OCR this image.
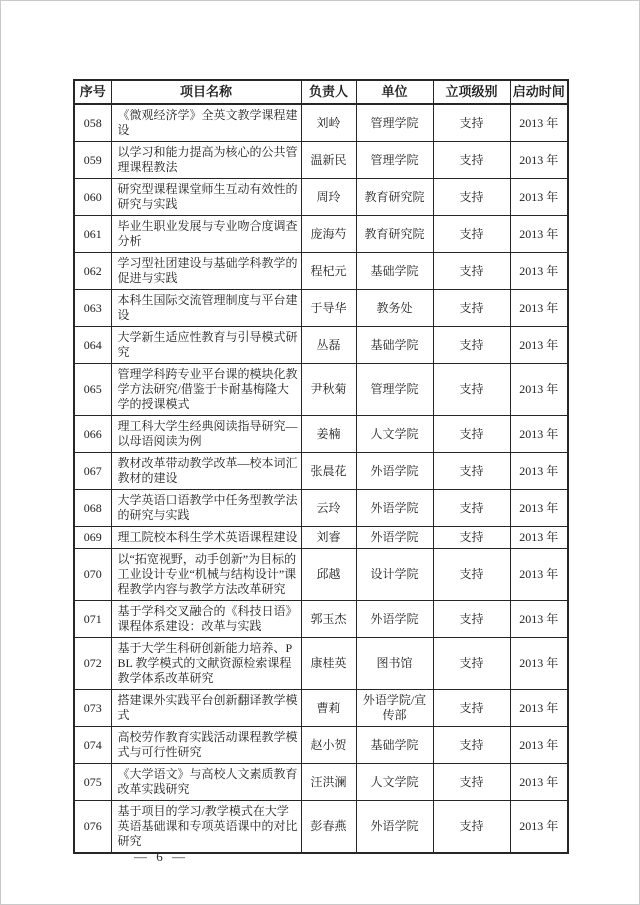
序号	项目名称	负责人	单位	立项级别	启动时间
058	《微观经济学》全英文教学课程建设	刘岭	管理学院	支持	2013 年
059	以学习和能力提高为核心的公共管理课程教法	温新民	管理学院	支持	2013 年
060	研究型课程课堂师生互动有效性的研究与实践	周玲	教育研究院	支持	2013 年
061	毕业生职业发展与专业吻合度调查分析	庞海芍	教育研究院	支持	2013 年
062	学习型社团建设与基础学科教学的促进与实践	程杞元	基础学院	支持	2013 年
063	本科生国际交流管理制度与平台建设	于导华	教务处	支持	2013 年
064	大学新生适应性教育与引导模式研究	丛磊	基础学院	支持	2013 年
065	管理学科跨专业平台课的模块化教学方法研究/借鉴于卡耐基梅隆大学的授课模式	尹秋菊	管理学院	支持	2013 年
066	理工科大学生经典阅读指导研究—以母语阅读为例	姜楠	人文学院	支持	2013 年
067	教材改革带动教学改革—校本词汇教材的建设	张晨花	外语学院	支持	2013 年
068	大学英语口语教学中任务型教学法的研究与实践	云玲	外语学院	支持	2013 年
069	理工院校本科生学术英语课程建设	刘睿	外语学院	支持	2013 年
070	以“拓宽视野，动手创新”为目标的工业设计专业“机械与结构设计”课程教学内容与教学方法改革研究	邱越	设计学院	支持	2013 年
071	基于学科交叉融合的《科技日语》课程体系建设：改革与实践	郭玉杰	外语学院	支持	2013 年
072	基于大学生科研创新能力培养、PBL 教学模式的文献资源检索课程教学体系改革研究	康桂英	图书馆	支持	2013 年
073	搭建课外实践平台创新翻译教学模式	曹莉	外语学院/宣传部	支持	2013 年
074	高校劳作教育实践活动课程教学模式与可行性研究	赵小贺	基础学院	支持	2013 年
075	《大学语文》与高校人文素质教育改革实践研究	汪洪澜	人文学院	支持	2013 年
076	基于项目的学习/教学模式在大学英语基础课和专项英语课中的对比研究	彭春燕	外语学院	支持	2013 年
— 6 —
